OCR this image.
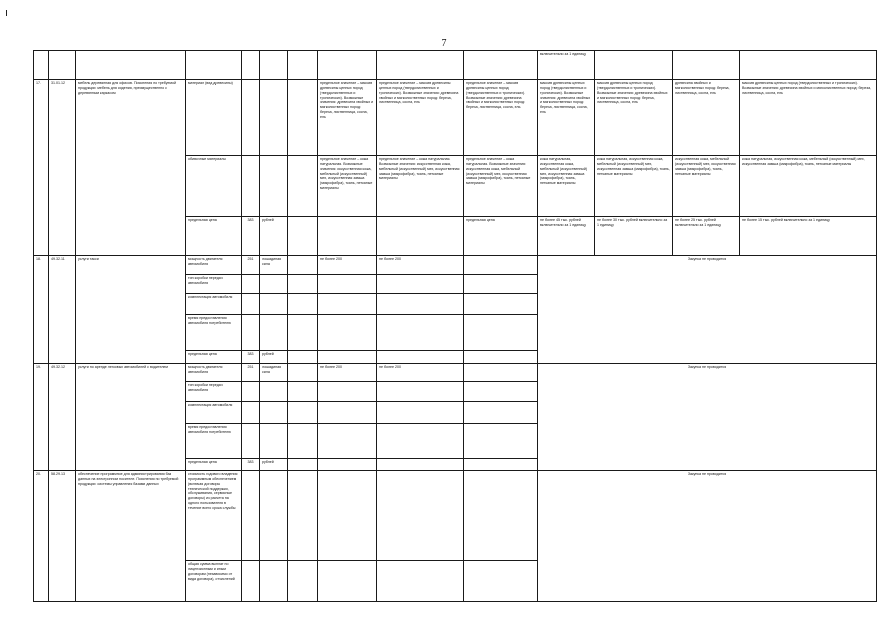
7
										включительно за 1 единицу			
17.	31.01.12	мебель деревянная для офисов. Пояснения по требуемой продукции: мебель для сидения, преимущественно с деревянным каркасом	материал (вид древесины)				предельное значение – массив древесины ценных пород (твердолиственных и тропических). Возможные значения: древесина хвойных и мягколиственных пород: береза, лиственница, сосна, ель	предельное значение – массив древесины ценных пород (твердолиственных и тропических). Возможные значения: древесина хвойных и мягколиственных пород: береза, лиственница, сосна, ель	предельное значение – массив древесины ценных пород (твердолиственных и тропических). Возможные значения: древесина хвойных и мягколиственных пород: береза, лиственница, сосна, ель	массив древесины ценных пород (твердолиственных и тропических). Возможные значения: древесина хвойных и мягколиственных пород: береза, лиственница, сосна, ель	массив древесины ценных пород (твердолиственных и тропических). Возможные значения: древесина хвойных и мягколиственных пород: береза, лиственница, сосна, ель	древесина хвойных и мягколиственных пород: береза, лиственница, сосна, ель	массив древесины ценных пород (твердолиственных и тропических). Возможные значения: древесина хвойных и мягколиственных пород: береза, лиственница, сосна, ель
			обивочные материалы				предельное значение – кожа натуральная. Возможные значения: искусственная кожа, мебельный (искусственный) мех, искусственная замша (микрофибра), ткань, нетканые материалы	предельное значение – кожа натуральная. Возможные значения: искусственная кожа, мебельный (искусственный) мех, искусственная замша (микрофибра), ткань, нетканые материалы	предельное значение – кожа натуральная. Возможные значения: искусственная кожа, мебельный (искусственный) мех, искусственная замша (микрофибра), ткань, нетканые материалы	кожа натуральная, искусственная кожа, мебельный (искусственный) мех, искусственная замша (микрофибра), ткань, нетканые материалы	кожа натуральная, искусственная кожа, мебельный (искусственный) мех, искусственная замша (микрофибра), ткань, нетканые материалы	искусственная кожа, мебельный (искусственный) мех, искусственная замша (микрофибра), ткань, нетканые материалы	кожа натуральная, искусственная кожа, мебельный (искусственный) мех, искусственная замша (микрофибра), ткань, нетканые материалы
			предельная цена	383	рублей				предельная цена	не более 45 тыс. рублей включительно за 1 единицу	не более 30 тыс. рублей включительно за 1 единицу	не более 25 тыс. рублей включительно за 1 единицу	не более 15 тыс. рублей включительно за 1 единицу
18.	49.32.11	услуги такси	мощность двигателя автомобиля	251	лошадиная сила		не более 200	не более 200		Закупка не проводится			
			тип коробки передач автомобиля										
			комплектация автомобиля										
			время предоставления автомобиля потребителю										
			предельная цена	383	рублей								
19.	49.32.12	услуги по аренде легковых автомобилей с водителем	мощность двигателя автомобиля	251	лошадиная сила		не более 200	не более 200		Закупка не проводится			
			тип коробки передач автомобиля										
			комплектация автомобиля										
			время предоставления автомобиля потребителю										
			предельная цена	383	рублей								
20.	58.29.13	обеспечение программное для администрирования баз данных на электронном носителе. Пояснения по требуемой продукции: системы управления базами данных	стоимость годового владения программным обеспечением (включая договоры технической поддержки, обслуживания, сервисные договоры) из расчета на одного пользователя в течение всего срока службы							Закупка не проводится			
			общая сумма выплат по лицензионным и иным договорам (независимо от вида договора), отчислений										
